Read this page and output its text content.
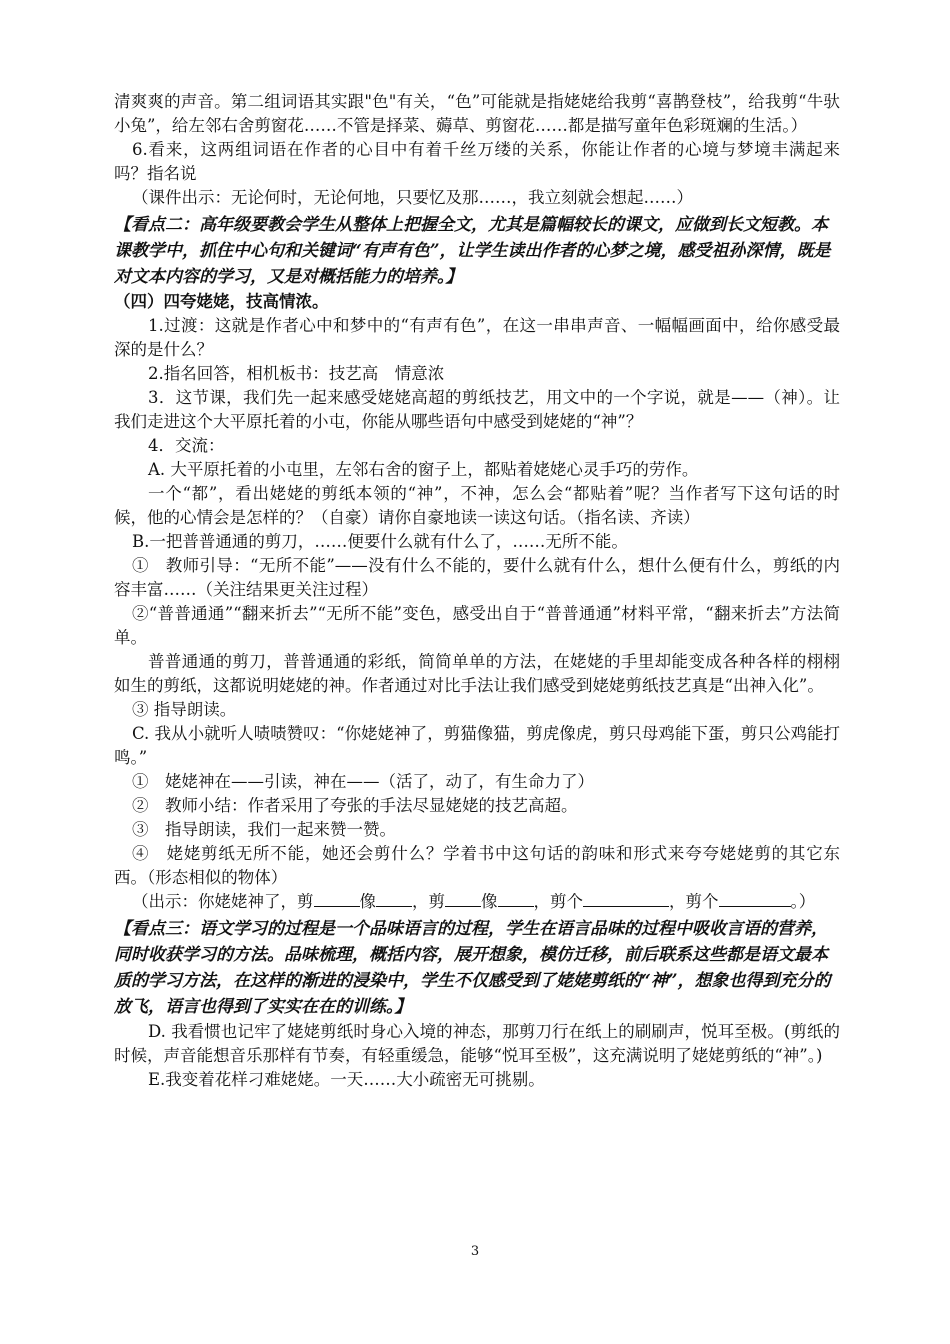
清爽爽的声音。第二组词语其实跟"色"有关，“色”可能就是指姥姥给我剪“喜鹊登枝”，给我剪“牛驮小兔”，给左邻右舍剪窗花……不管是择菜、薅草、剪窗花……都是描写童年色彩斑斓的生活。）

6.看来，这两组词语在作者的心目中有着千丝万缕的关系，你能让作者的心境与梦境丰满起来吗？指名说

（课件出示：无论何时，无论何地，只要忆及那……，我立刻就会想起……）

【看点二：高年级要教会学生从整体上把握全文，尤其是篇幅较长的课文，应做到长文短教。本课教学中，抓住中心句和关键词“有声有色”，让学生读出作者的心梦之境，感受祖孙深情，既是对文本内容的学习，又是对概括能力的培养。】

（四）四夸姥姥，技高情浓。

1.过渡：这就是作者心中和梦中的“有声有色”，在这一串串声音、一幅幅画面中，给你感受最深的是什么？

2.指名回答，相机板书：技艺高　情意浓

3．这节课，我们先一起来感受姥姥高超的剪纸技艺，用文中的一个字说，就是——（神）。让我们走进这个大平原托着的小屯，你能从哪些语句中感受到姥姥的“神”？

4．交流：

A. 大平原托着的小屯里，左邻右舍的窗子上，都贴着姥姥心灵手巧的劳作。

一个“都”，看出姥姥的剪纸本领的“神”，不神，怎么会“都贴着”呢？当作者写下这句话的时候，他的心情会是怎样的？（自豪）请你自豪地读一读这句话。（指名读、齐读）

B.一把普普通通的剪刀，……便要什么就有什么了，……无所不能。

①　教师引导：“无所不能”——没有什么不能的，要什么就有什么，想什么便有什么，剪纸的内容丰富……（关注结果更关注过程）

②“普普通通”“翻来折去”“无所不能”变色，感受出自于“普普通通”材料平常，“翻来折去”方法简单。

普普通通的剪刀，普普通通的彩纸，简简单单的方法，在姥姥的手里却能变成各种各样的栩栩如生的剪纸，这都说明姥姥的神。作者通过对比手法让我们感受到姥姥剪纸技艺真是“出神入化”。

③ 指导朗读。

C. 我从小就听人啧啧赞叹：“你姥姥神了，剪猫像猫，剪虎像虎，剪只母鸡能下蛋，剪只公鸡能打鸣。”

①　姥姥神在——引读，神在——（活了，动了，有生命力了）

②　教师小结：作者采用了夸张的手法尽显姥姥的技艺高超。

③　指导朗读，我们一起来赞一赞。

④　姥姥剪纸无所不能，她还会剪什么？学着书中这句话的韵味和形式来夸夸姥姥剪的其它东西。（形态相似的物体）

（出示：你姥姥神了，剪	像 ，剪 像 ，剪个	，剪个	。）

【看点三：语文学习的过程是一个品味语言的过程，学生在语言品味的过程中吸收言语的营养，同时收获学习的方法。品味梳理，概括内容，展开想象，模仿迁移，前后联系这些都是语文最本质的学习方法，在这样的渐进的浸染中，学生不仅感受到了姥姥剪纸的“神”，想象也得到充分的放飞，语言也得到了实实在在的训练。】

D. 我看惯也记牢了姥姥剪纸时身心入境的神态，那剪刀行在纸上的刷刷声，悦耳至极。(剪纸的时候，声音能想音乐那样有节奏，有轻重缓急，能够“悦耳至极”，这充满说明了姥姥剪纸的“神”。)

E.我变着花样刁难姥姥。一天……大小疏密无可挑剔。

3
